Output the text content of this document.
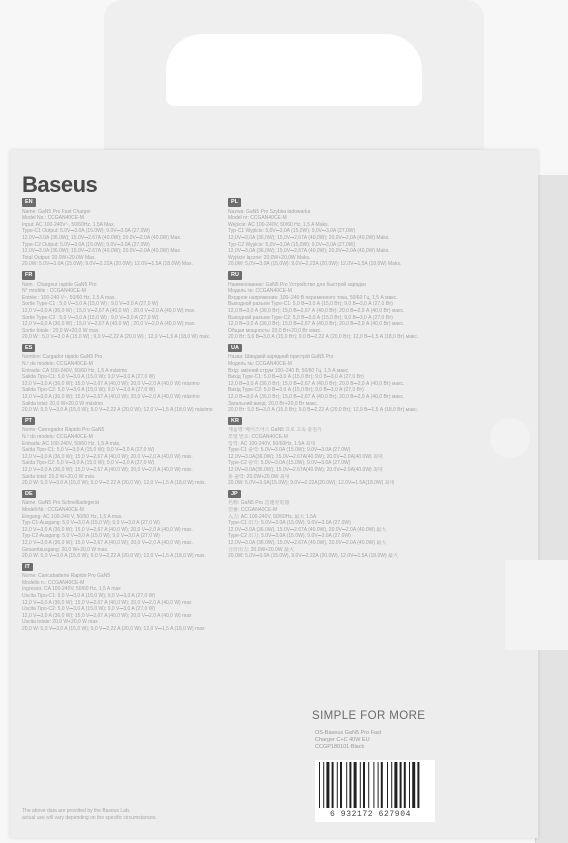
Baseus
EN
Name: GaN5 Pro Fast Charger
Model No.: CCGAN40CE-M
Input: AC 100-240V~, 50/60Hz, 1.5A Max.
Type-C1 Output: 5.0V⎓3.0A (15.0W); 9.0V⎓3.0A (27.0W)
12.0V⎓3.0A (36.0W); 15.0V⎓2.67A (40.0W); 20.0V⎓2.0A (40.0W) Max.
Type-C2 Output: 5.0V⎓3.0A (15.0W); 9.0V⎓3.0A (27.0W)
12.0V⎓3.0A (36.0W); 15.0V⎓2.67A (40.0W); 20.0V⎓2.0A (40.0W) Max.
Total Output: 20.0W+20.0W Max.
20.0W: 5.0V⎓3.0A (15.0W); 9.0V⎓2.22A (20.0W); 12.0V⎓1.5A (18.0W) Max.
FR
Nom : Chargeur rapide GaN5 Pro
N° modèle : CCGAN40CE-M
Entrée : 100-240 V~, 50/60 Hz, 1,5 A max.
Sortie Type-C1 : 5,0 V⎓3,0 A (15,0 W) ; 9,0 V⎓3,0 A (27,0 W)
12,0 V⎓3,0 A (36,0 W) ; 15,0 V⎓2,67 A (40,0 W) ; 20,0 V⎓2,0 A (40,0 W) max.
Sortie Type-C2 : 5,0 V⎓3,0 A (15,0 W) ; 9,0 V⎓3,0 A (27,0 W)
12,0 V⎓3,0 A (36,0 W) ; 15,0 V⎓2,67 A (40,0 W) ; 20,0 V⎓2,0 A (40,0 W) max.
Sortie totale : 20,0 W+20,0 W max.
20,0 W : 5,0 V⎓3,0 A (15,0 W) ; 9,0 V⎓2,22 A (20,0 W) ; 12,0 V⎓1,5 A (18,0 W) max.
ES
Nombre: Cargador rápido GaN5 Pro
N.º de modelo: CCGAN40CE-M
Entrada: CA 100-240V, 50/60 Hz, 1,5 A máximo
Salida Tipo-C1: 5,0 V⎓3,0 A (15,0 W); 9,0 V⎓3,0 A (27,0 W)
12,0 V⎓3,0 A (36,0 W); 15,0 V⎓2,67 A (40,0 W); 20,0 V⎓2,0 A (40,0 W) máximo
Salida Tipo-C2: 5,0 V⎓3,0 A (15,0 W); 9,0 V⎓3,0 A (27,0 W)
12,0 V⎓3,0 A (36,0 W); 15,0 V⎓2,67 A (40,0 W); 20,0 V⎓2,0 A (40,0 W) máximo
Salida total: 20,0 W+20,0 W máximo
20,0 W: 5,0 V⎓3,0 A (15,0 W); 9,0 V⎓2,22 A (20,0 W); 12,0 V⎓1,5 A (18,0 W) máximo
PT
Nome: Carregador Rápido Pro GaN5
N.º do modelo: CCGAN40CE-M
Entrada: AC 100-240V, 50/60 Hz, 1,5 A máx.
Saída Tipo-C1: 5,0 V⎓3,0 A (15,0 W); 9,0 V⎓3,0 A (27,0 W)
12,0 V⎓3,0 A (36,0 W); 15,0 V⎓2,67 A (40,0 W); 20,0 V⎓2,0 A (40,0 W) máx.
Saída Tipo-C2: 5,0 V⎓3,0 A (15,0 W); 9,0 V⎓3,0 A (27,0 W)
12,0 V⎓3,0 A (36,0 W); 15,0 V⎓2,67 A (40,0 W); 20,0 V⎓2,0 A (40,0 W) máx.
Saída total: 20,0 W+20,0 W máx.
20,0 W: 5,0 V⎓3,0 A (15,0 W); 9,0 V⎓2,22 A (20,0 W); 12,0 V⎓1,5 A (18,0 W) máx.
DE
Name: GaN5 Pro Schnellladegerät
Modell-Nr.: CCGAN40CE-M
Eingang: AC 100-240 V, 50/60 Hz, 1,5 A max.
Typ-C1-Ausgang: 5,0 V⎓3,0 A (15,0 W); 9,0 V⎓3,0 A (27,0 W)
12,0 V⎓3,0 A (36,0 W); 15,0 V⎓2,67 A (40,0 W); 20,0 V⎓2,0 A (40,0 W) max.
Typ-C2-Ausgang: 5,0 V⎓3,0 A (15,0 W); 9,0 V⎓3,0 A (27,0 W)
12,0 V⎓3,0 A (36,0 W); 15,0 V⎓2,67 A (40,0 W); 20,0 V⎓2,0 A (40,0 W) max.
Gesamtausgang: 20,0 W+20,0 W max.
20,0 W: 5,0 V⎓3,0 A (15,0 W); 9,0 V⎓2,22 A (20,0 W); 12,0 V⎓1,5 A (18,0 W) max.
IT
Nome: Caricabatterie Rapido Pro GaN5
Modello n.: CCGAN40CE-M
Ingresso: CA 100-240V, 50/60 Hz, 1,5 A max
Uscita Tipo-C1: 5,0 V⎓3,0 A (15,0 W); 9,0 V⎓3,0 A (27,0 W)
12,0 V⎓3,0 A (36,0 W); 15,0 V⎓2,67 A (40,0 W); 20,0 V⎓2,0 A (40,0 W) max
Uscita Tipo-C2: 5,0 V⎓3,0 A (15,0 W); 9,0 V⎓3,0 A (27,0 W)
12,0 V⎓3,0 A (36,0 W); 15,0 V⎓2,67 A (40,0 W); 20,0 V⎓2,0 A (40,0 W) max
Uscita totale: 20,0 W+20,0 W max
20,0 W: 5,0 V⎓3,0 A (15,0 W); 9,0 V⎓2,22 A (20,0 W); 12,0 V⎓1,5 A (18,0 W) max
PL
Nazwa: GaN5 Pro Szybka ładowarka
Model nr: CCGAN40CE-M
Wejście: AC 100-240V, 50/60 Hz, 1,5 A Maks.
Typ-C1 Wyjście: 5,0V⎓3,0A (15,0W); 9,0V⎓3,0A (27,0W)
12,0V⎓3,0A (36,0W); 15,0V⎓2,67A (40,0W); 20,0V⎓2,0A (40,0W) Maks.
Typ-C2 Wyjście: 5,0V⎓3,0A (15,0W); 9,0V⎓3,0A (27,0W)
12,0V⎓3,0A (36,0W); 15,0V⎓2,67A (40,0W); 20,0V⎓2,0A (40,0W) Maks.
Wyjście łączne: 20,0W+20,0W Maks.
20,0W: 5,0V⎓3,0A (15,0W); 9,0V⎓2,22A (20,0W); 12,0V⎓1,5A (18,0W) Maks.
RU
Наименование: GaN5 Pro Устройство для быстрой зарядки
Модель №: CCGAN40CE-M
Входное напряжение: 100–240 В переменного тока, 50/60 Гц, 1,5 А макс.
Выходной разъем Type-C1: 5,0 В⎓3,0 А (15,0 Вт); 9,0 В⎓3,0 А (27,0 Вт)
12,0 В⎓3,0 А (36,0 Вт); 15,0 В⎓2,67 А (40,0 Вт); 20,0 В⎓2,0 А (40,0 Вт) макс.
Выходной разъем Type-C2: 5,0 В⎓3,0 А (15,0 Вт); 9,0 В⎓3,0 А (27,0 Вт)
12,0 В⎓3,0 А (36,0 Вт); 15,0 В⎓2,67 А (40,0 Вт); 20,0 В⎓2,0 А (40,0 Вт) макс.
Общая мощность: 20,0 Вт+20,0 Вт макс.
20,0 Вт: 5,0 В⎓3,0 А (15,0 Вт); 9,0 В⎓2,22 А (20,0 Вт); 12,0 В⎓1,5 А (18,0 Вт) макс.
UA
Назва: Швидкий зарядний пристрій GaN5 Pro
Модель №: CCGAN40CE-M
Вхід: змінний струм 100–240 В, 50/60 Гц, 1,5 А макс.
Вихід Type-C1: 5,0 В⎓3,0 А (15,0 Вт); 9,0 В⎓3,0 А (27,0 Вт)
12,0 В⎓3,0 А (36,0 Вт); 15,0 В⎓2,67 А (40,0 Вт); 20,0 В⎓2,0 А (40,0 Вт) макс.
Вихід Type-C2: 5,0 В⎓3,0 А (15,0 Вт); 9,0 В⎓3,0 А (27,0 Вт)
12,0 В⎓3,0 А (36,0 Вт); 15,0 В⎓2,67 А (40,0 Вт); 20,0 В⎓2,0 А (40,0 Вт) макс.
Загальний вихід: 20,0 Вт+20,0 Вт макс.
20,0 Вт: 5,0 В⎓3,0 А (15,0 Вт); 9,0 В⎓2,22 А (20,0 Вт); 12,0 В⎓1,5 А (18,0 Вт) макс.
KR
제품명: 베이스어스 GaN5 프로 고속 충전기
모델 번호: CCGAN40CE-M
입력: AC 100-240V, 50/60Hz, 1.5A 최대
Type-C1 출력: 5.0V⎓3.0A (15.0W); 9.0V⎓3.0A (27.0W)
12.0V⎓3.0A(36.0W); 15.0V⎓2.67A(40.0W); 20.0V⎓2.0A(40.0W) 최대
Type-C2 출력: 5.0V⎓3.0A (15.0W); 9.0V⎓3.0A (27.0W)
12.0V⎓3.0A(36.0W); 15.0V⎓2.67A(40.0W); 20.0V⎓2.0A(40.0W) 최대
총 출력: 20.0W+20.0W 최대
20.0W: 5.0V⎓3.0A(15.0W); 9.0V⎓2.22A(20.0W); 12.0V⎓1.5A(18.0W) 최대
JP
名称: GaN5 Pro 急速充電器
型番: CCGAN40CE-M
入力: AC 100-240V, 50/60Hz, 最大 1.5A
Type-C1 出力: 5.0V⎓3.0A (15.0W), 9.0V⎓3.0A (27.0W)
12.0V⎓3.0A (36.0W), 15.0V⎓2.67A (40.0W), 20.0V⎓2.0A (40.0W) 最大
Type-C2 出力: 5.0V⎓3.0A (15.0W), 9.0V⎓3.0A (27.0W)
12.0V⎓3.0A (36.0W), 15.0V⎓2.67A (40.0W), 20.0V⎓2.0A (40.0W) 最大
合計出力: 20.0W+20.0W 最大
20.0W: 5.0V⎓3.0A (15.0W), 9.0V⎓2.22A (20.0W), 12.0V⎓1.5A (18.0W) 最大
The above data are provided by the Baseus Lab,
actual use will vary depending on the specific circumstances.
SIMPLE FOR MORE
OS-Baseus GaN5 Pro Fast
Charger C+C 40W EU
CCGP180101 Black
6 932172 627904
